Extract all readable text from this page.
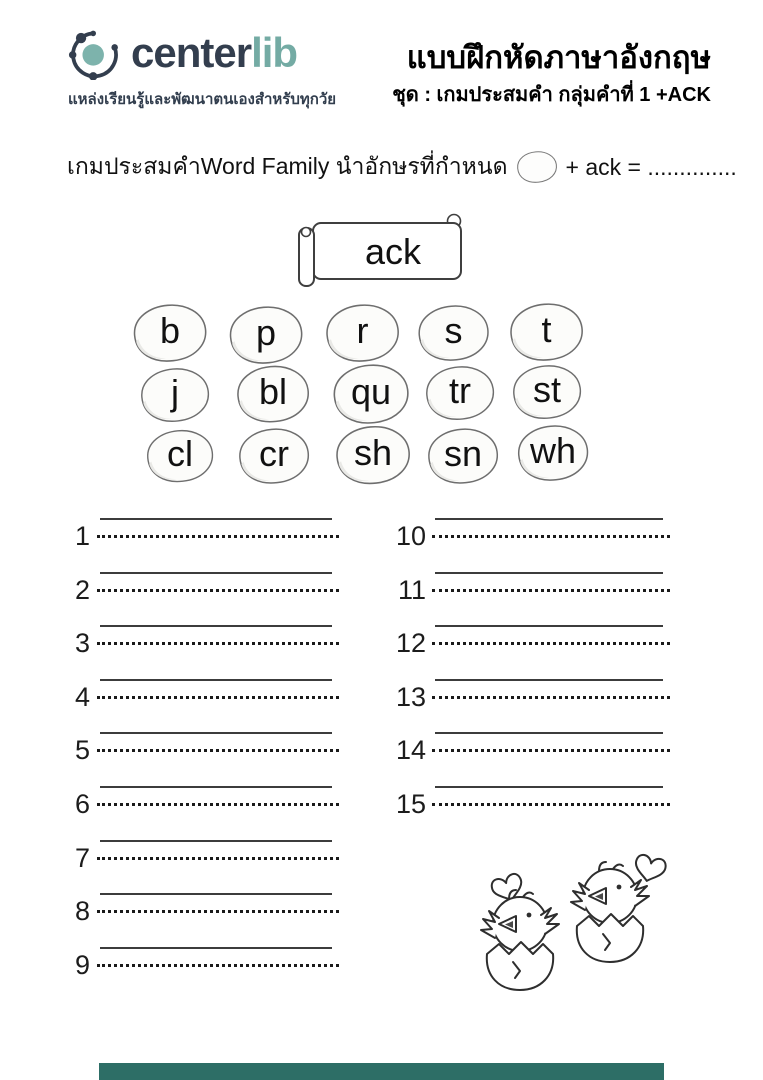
centerlib
แหล่งเรียนรู้และพัฒนาตนเองสำหรับทุกวัย
แบบฝึกหัดภาษาอังกฤษ
ชุด : เกมประสมคำ กลุ่มคำที่ 1 +ACK
เกมประสมคำWord Family นำอักษรที่กำหนด	+ ack = ..............
ack
b	p	r	s	t
j	bl	qu	tr	st
cl	cr	sh	sn	wh
1
2
3
4
5
6
7
8
9
10
11
12
13
14
15
